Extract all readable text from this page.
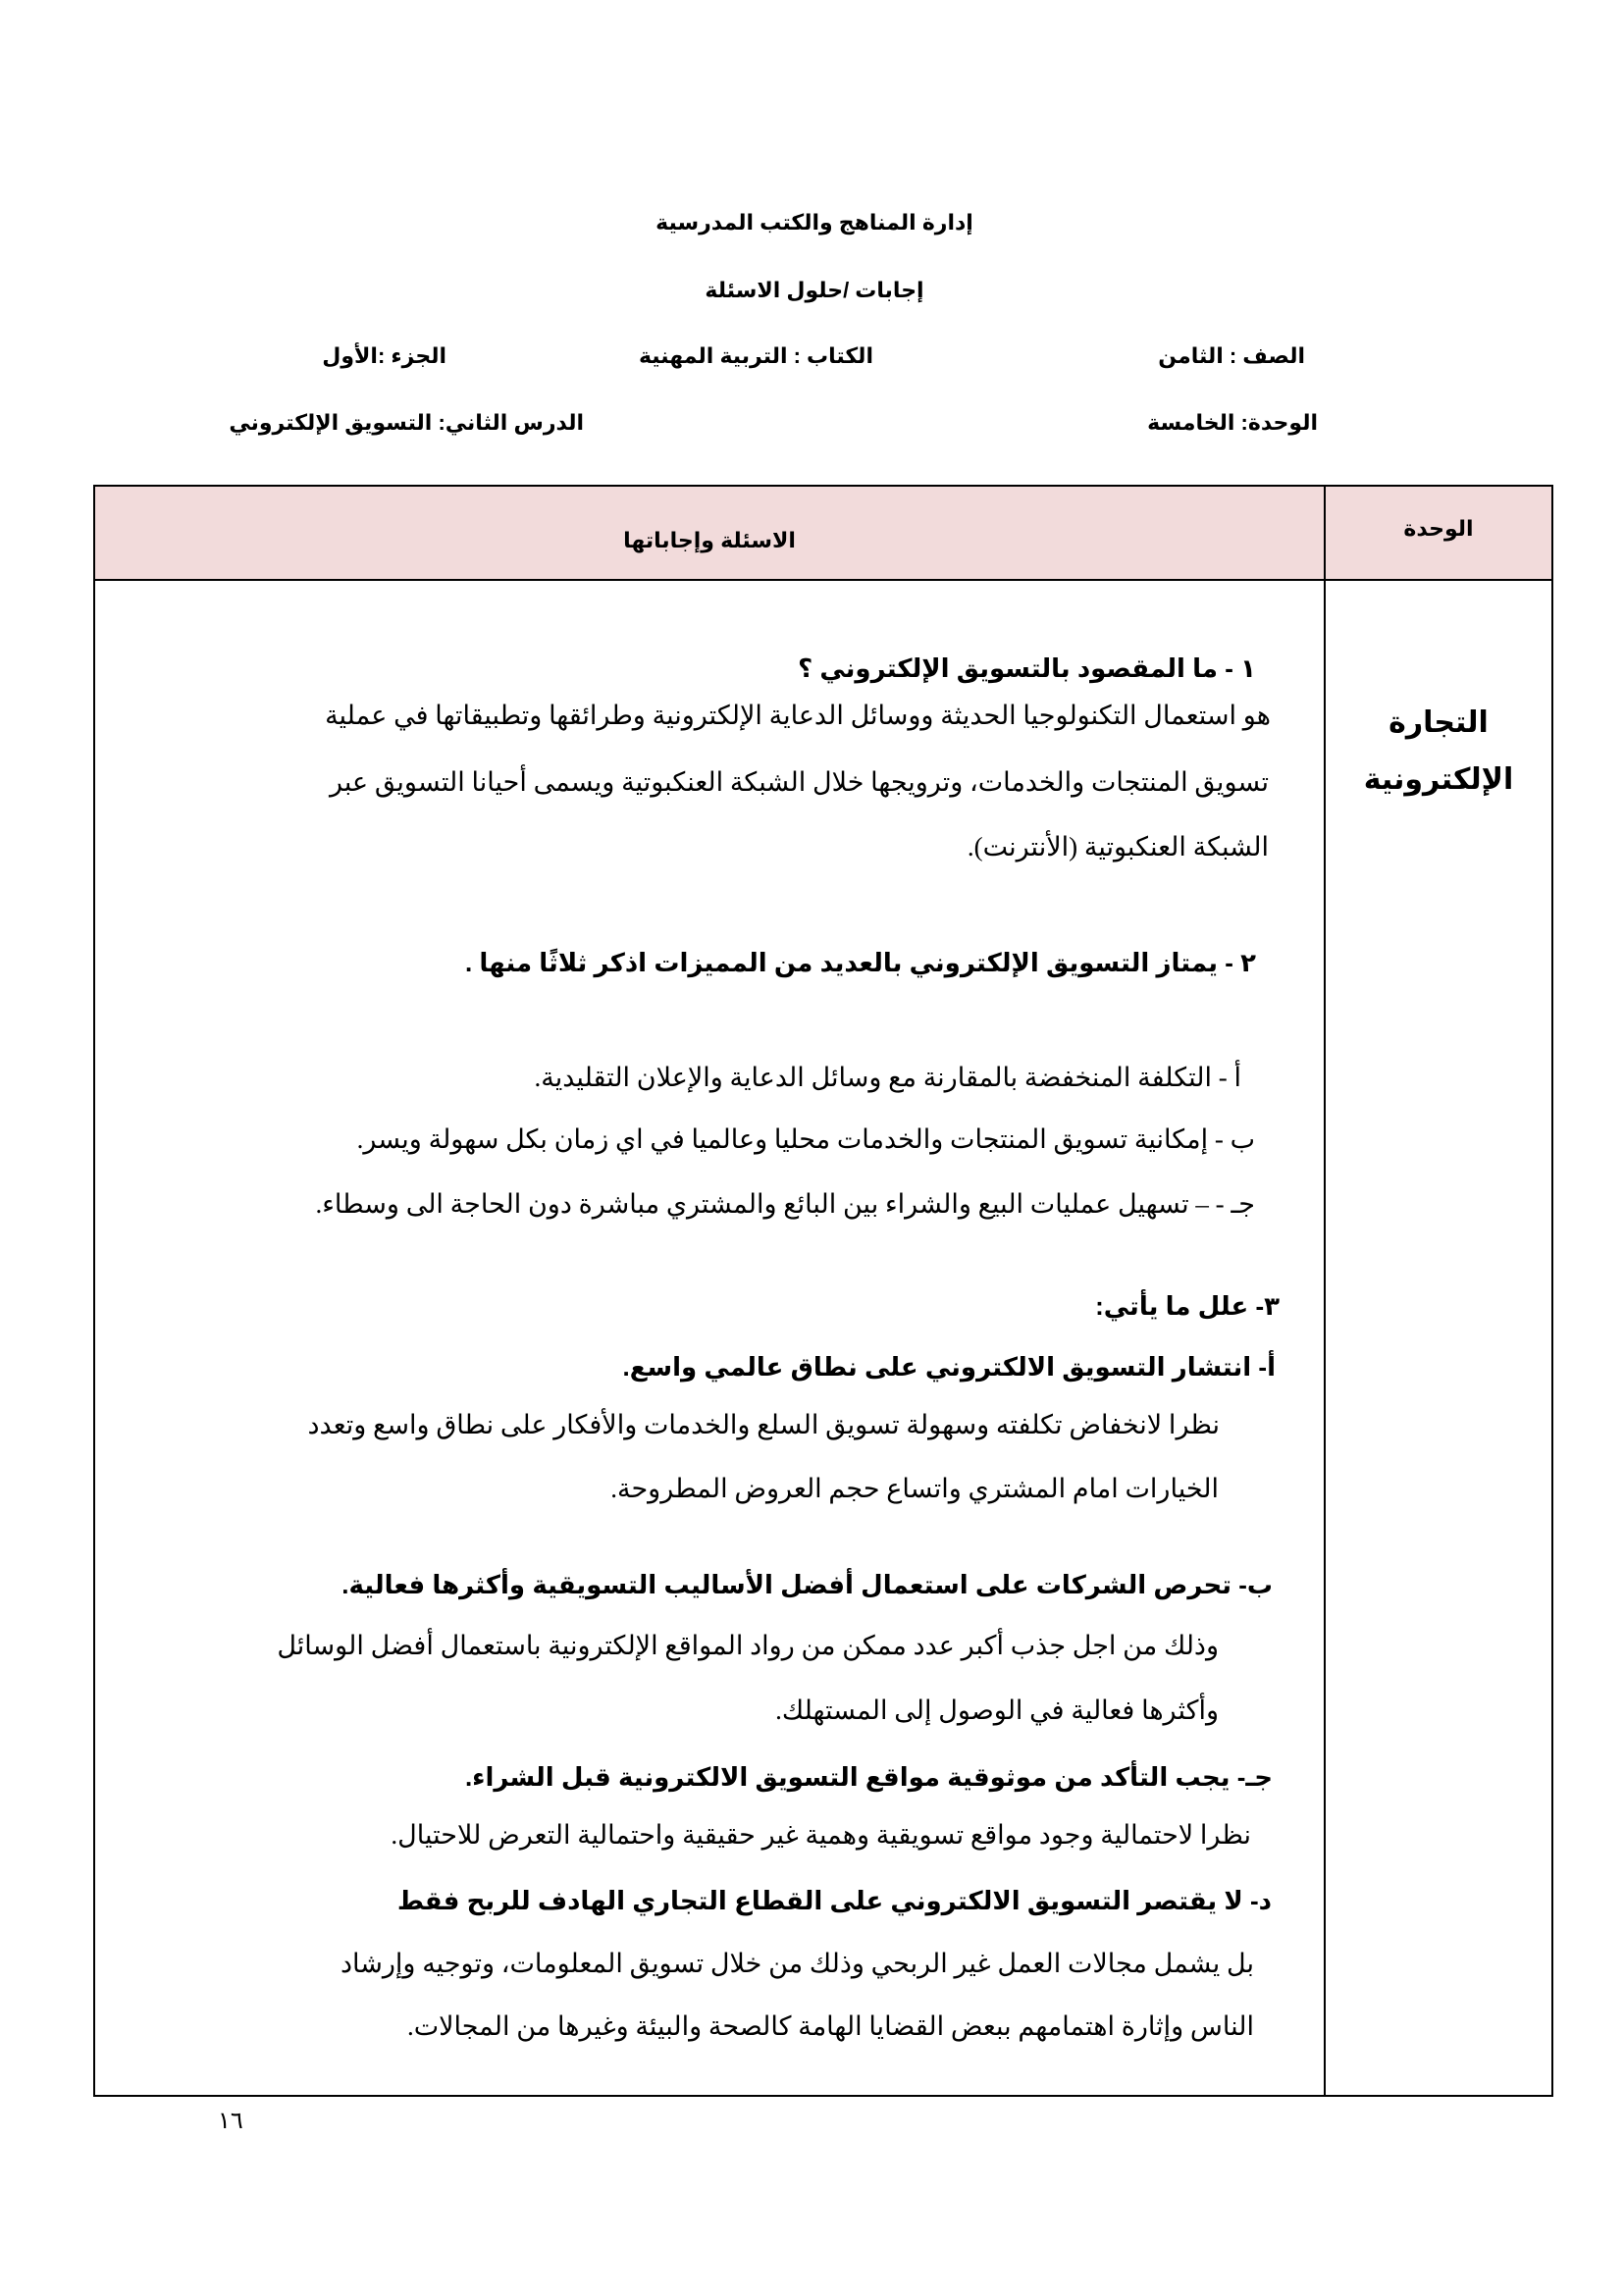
إدارة المناهج والكتب المدرسية
إجابات /حلول الاسئلة
الصف : الثامن
الكتاب : التربية المهنية
الجزء :الأول
الوحدة: الخامسة
الدرس الثاني: التسويق الإلكتروني
الاسئلة وإجاباتها	الوحدة
التجارة الإلكترونية
١ - ما المقصود بالتسويق الإلكتروني ؟
هو استعمال التكنولوجيا الحديثة ووسائل الدعاية الإلكترونية وطرائقها وتطبيقاتها في عملية
تسويق المنتجات والخدمات، وترويجها خلال الشبكة العنكبوتية ويسمى أحيانا التسويق عبر
الشبكة العنكبوتية (الأنترنت).
٢ - يمتاز التسويق الإلكتروني بالعديد من المميزات اذكر ثلاثًا منها .
أ - التكلفة المنخفضة بالمقارنة مع وسائل الدعاية والإعلان التقليدية.
ب - إمكانية تسويق المنتجات والخدمات محليا وعالميا في اي زمان بكل سهولة ويسر.
جـ - – تسهيل عمليات البيع والشراء بين البائع والمشتري مباشرة دون الحاجة الى وسطاء.
٣- علل ما يأتي:
أ- انتشار التسويق الالكتروني على نطاق عالمي واسع.
نظرا لانخفاض تكلفته وسهولة تسويق السلع والخدمات والأفكار على نطاق واسع وتعدد
الخيارات امام المشتري واتساع حجم العروض المطروحة.
ب- تحرص الشركات على استعمال أفضل الأساليب التسويقية وأكثرها فعالية.
وذلك من اجل جذب أكبر عدد ممكن من رواد المواقع الإلكترونية باستعمال أفضل الوسائل
وأكثرها فعالية في الوصول إلى المستهلك.
جـ- يجب التأكد من موثوقية مواقع التسويق الالكترونية قبل الشراء.
نظرا لاحتمالية وجود مواقع تسويقية وهمية غير حقيقية واحتمالية التعرض للاحتيال.
د- لا يقتصر التسويق الالكتروني على القطاع التجاري الهادف للربح فقط
بل يشمل مجالات العمل غير الربحي وذلك من خلال تسويق المعلومات، وتوجيه وإرشاد
الناس وإثارة اهتمامهم ببعض القضايا الهامة كالصحة والبيئة وغيرها من المجالات.
١٦
